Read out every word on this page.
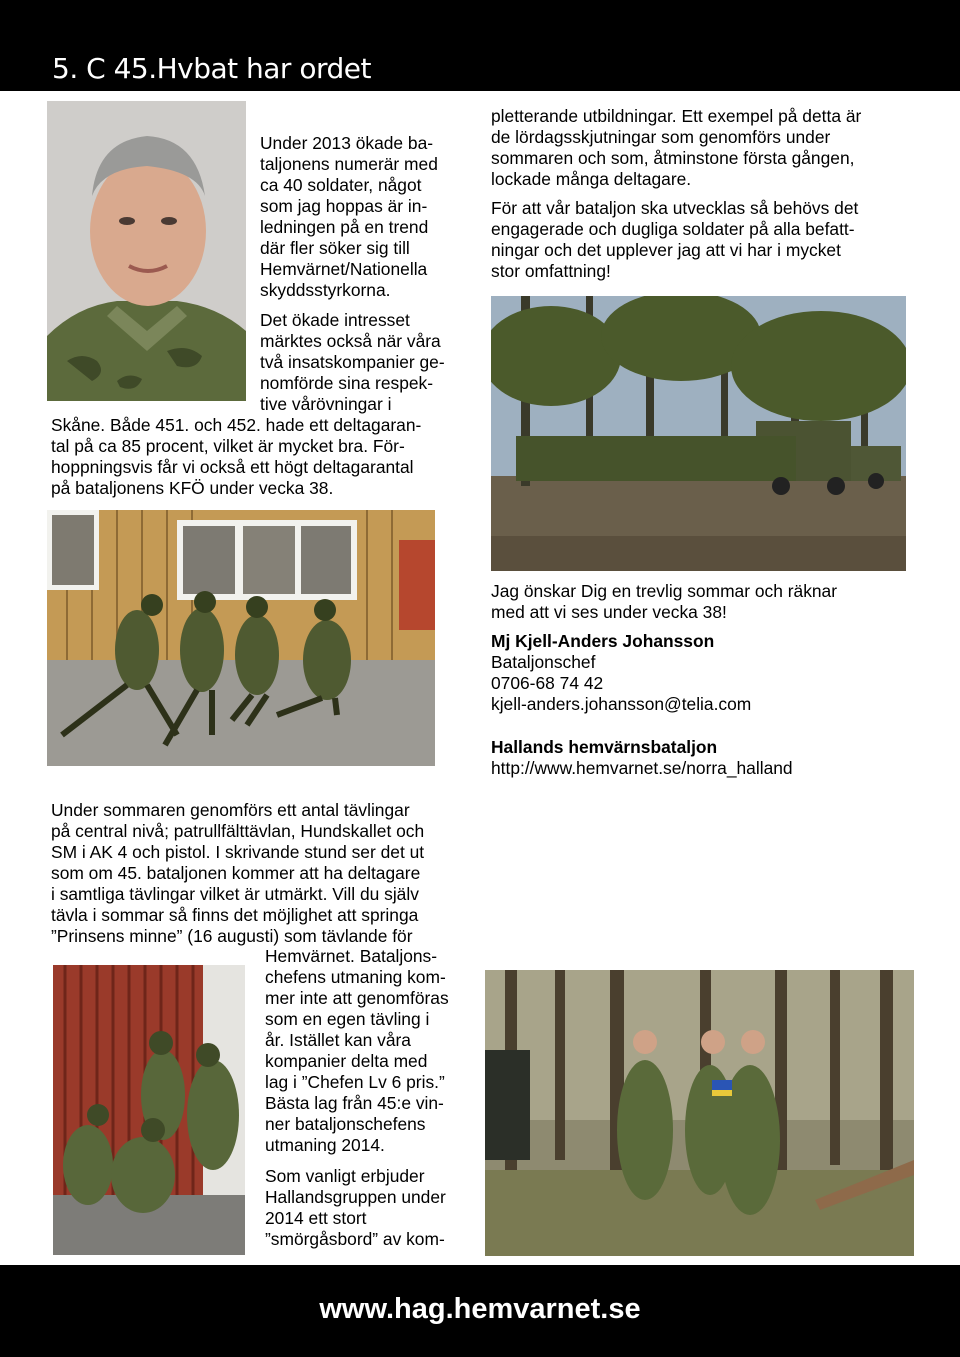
5. C 45.Hvbat har ordet
Under 2013 ökade ba-
taljonens numerär med
ca 40 soldater, något
som jag hoppas är in-
ledningen på en trend
där fler söker sig till
Hemvärnet/Nationella
skyddsstyrkorna.
Det ökade intresset
märktes också när våra
två insatskompanier ge-
nomförde sina respek-
tive vårövningar i
Skåne. Både 451. och 452. hade ett deltagaran-
tal på ca 85 procent, vilket är mycket bra. För-
hoppningsvis får vi också ett högt deltagarantal
på bataljonens KFÖ under vecka 38.
Under sommaren genomförs ett antal tävlingar
på central nivå; patrullfälttävlan, Hundskallet och
SM i AK 4 och pistol. I skrivande stund ser det ut
som om 45. bataljonen kommer att ha deltagare
i samtliga tävlingar vilket är utmärkt. Vill du själv
tävla i sommar så finns det möjlighet att springa
”Prinsens minne” (16 augusti) som tävlande för
Hemvärnet. Bataljons-
chefens utmaning kom-
mer inte att genomföras
som en egen tävling i
år. Istället kan våra
kompanier delta med
lag i ”Chefen Lv 6 pris.”
Bästa lag från 45:e vin-
ner bataljonschefens
utmaning 2014.
Som vanligt erbjuder
Hallandsgruppen under
2014 ett stort
”smörgåsbord” av kom-
pletterande utbildningar. Ett exempel på detta är
de lördagsskjutningar som genomförs under
sommaren och som, åtminstone första gången,
lockade många deltagare.
För att vår bataljon ska utvecklas så behövs det
engagerade och dugliga soldater på alla befatt-
ningar och det upplever jag att vi har i mycket
stor omfattning!
Jag önskar Dig en trevlig sommar och räknar
med att vi ses under vecka 38!
Mj Kjell-Anders Johansson
Bataljonschef
0706-68 74 42
kjell-anders.johansson@telia.com
Hallands hemvärnsbataljon
http://www.hemvarnet.se/norra_halland
www.hag.hemvarnet.se
